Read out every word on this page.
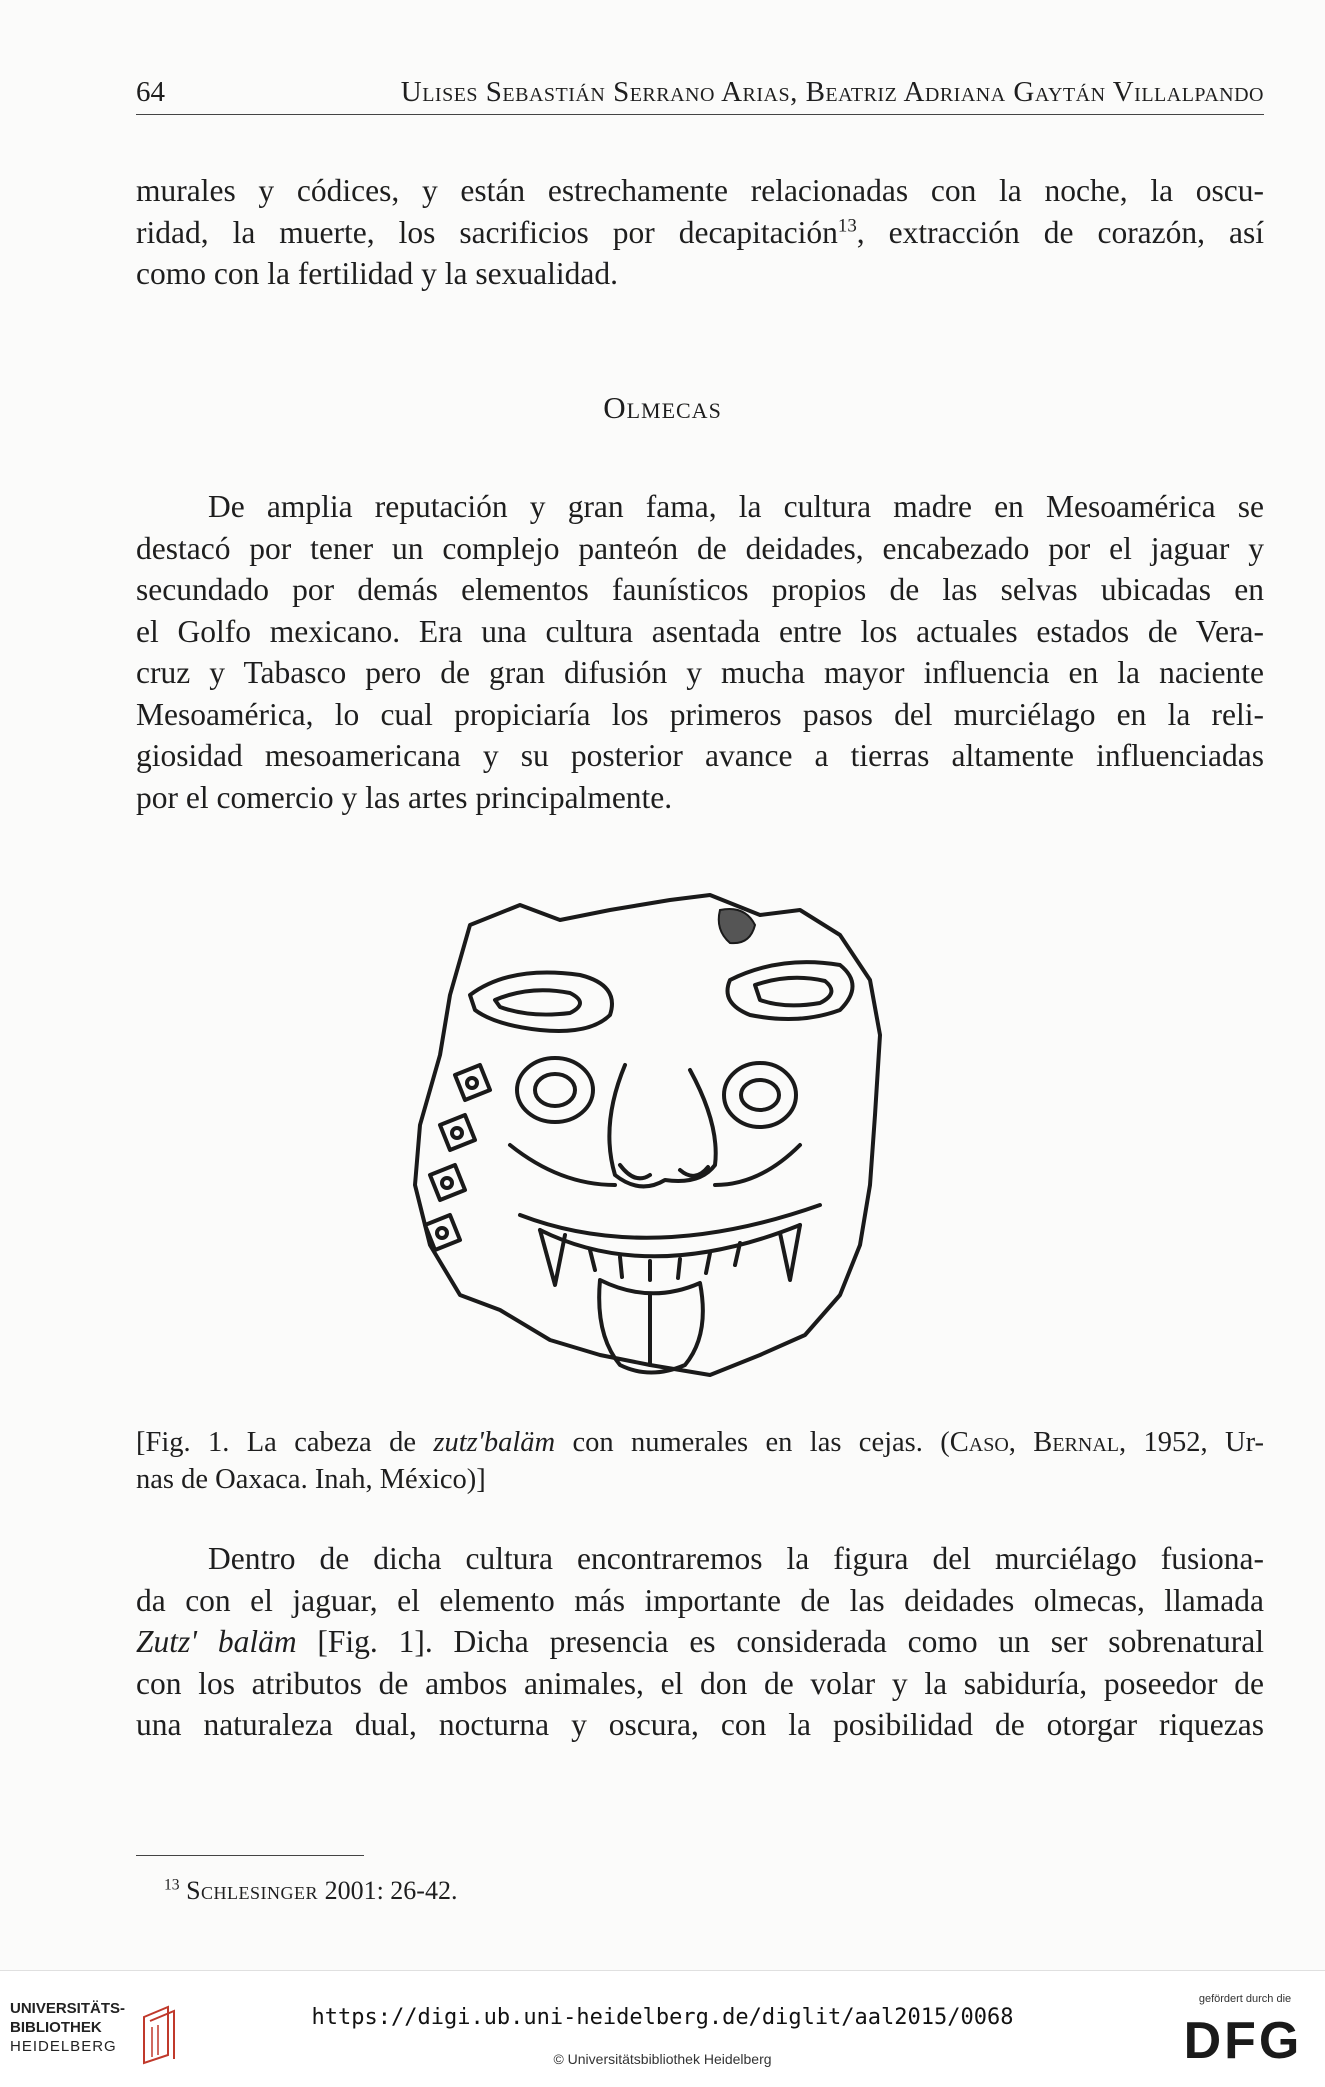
64	Ulises Sebastián Serrano Arias, Beatriz Adriana Gaytán Villalpando
murales y códices, y están estrechamente relacionadas con la noche, la oscu-
ridad, la muerte, los sacrificios por decapitación$^{13}$, extracción de corazón, así
como con la fertilidad y la sexualidad.
Olmecas
De amplia reputación y gran fama, la cultura madre en Mesoamérica se
destacó por tener un complejo panteón de deidades, encabezado por el jaguar y
secundado por demás elementos faunísticos propios de las selvas ubicadas en
el Golfo mexicano. Era una cultura asentada entre los actuales estados de Vera-
cruz y Tabasco pero de gran difusión y mucha mayor influencia en la naciente
Mesoamérica, lo cual propiciaría los primeros pasos del murciélago en la reli-
giosidad mesoamericana y su posterior avance a tierras altamente influenciadas
por el comercio y las artes principalmente.
[Fig. 1. La cabeza de zutz'baläm con numerales en las cejas. (Caso, Bernal, 1952, Ur-
nas de Oaxaca. Inah, México)]
Dentro de dicha cultura encontraremos la figura del murciélago fusiona-
da con el jaguar, el elemento más importante de las deidades olmecas, llamada
Zutz' baläm [Fig. 1]. Dicha presencia es considerada como un ser sobrenatural
con los atributos de ambos animales, el don de volar y la sabiduría, poseedor de
una naturaleza dual, nocturna y oscura, con la posibilidad de otorgar riquezas
$^{13}$ Schlesinger 2001: 26-42.
UNIVERSITÄTS-
BIBLIOTHEK
HEIDELBERG
https://digi.ub.uni-heidelberg.de/diglit/aal2015/0068
© Universitätsbibliothek Heidelberg
gefördert durch die
DFG
